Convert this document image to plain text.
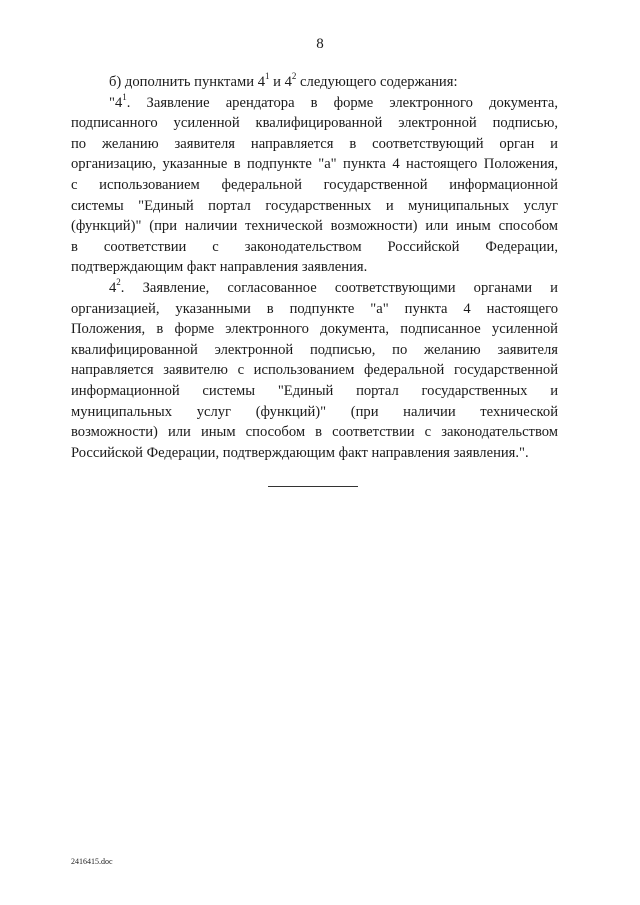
8
б) дополнить пунктами $4^1$ и $4^2$ следующего содержания:
"$4^1$. Заявление арендатора в форме электронного документа,
подписанного усиленной квалифицированной электронной подписью,
по желанию заявителя направляется в соответствующий орган и
организацию, указанные в подпункте "а" пункта 4 настоящего Положения,
с использованием федеральной государственной информационной
системы "Единый портал государственных и муниципальных услуг
(функций)" (при наличии технической возможности) или иным способом
в соответствии с законодательством Российской Федерации,
подтверждающим факт направления заявления.
$4^2$. Заявление, согласованное соответствующими органами и
организацией, указанными в подпункте "а" пункта 4 настоящего
Положения, в форме электронного документа, подписанное усиленной
квалифицированной электронной подписью, по желанию заявителя
направляется заявителю с использованием федеральной государственной
информационной системы "Единый портал государственных и
муниципальных услуг (функций)" (при наличии технической
возможности) или иным способом в соответствии с законодательством
Российской Федерации, подтверждающим факт направления заявления.".
2416415.doc
